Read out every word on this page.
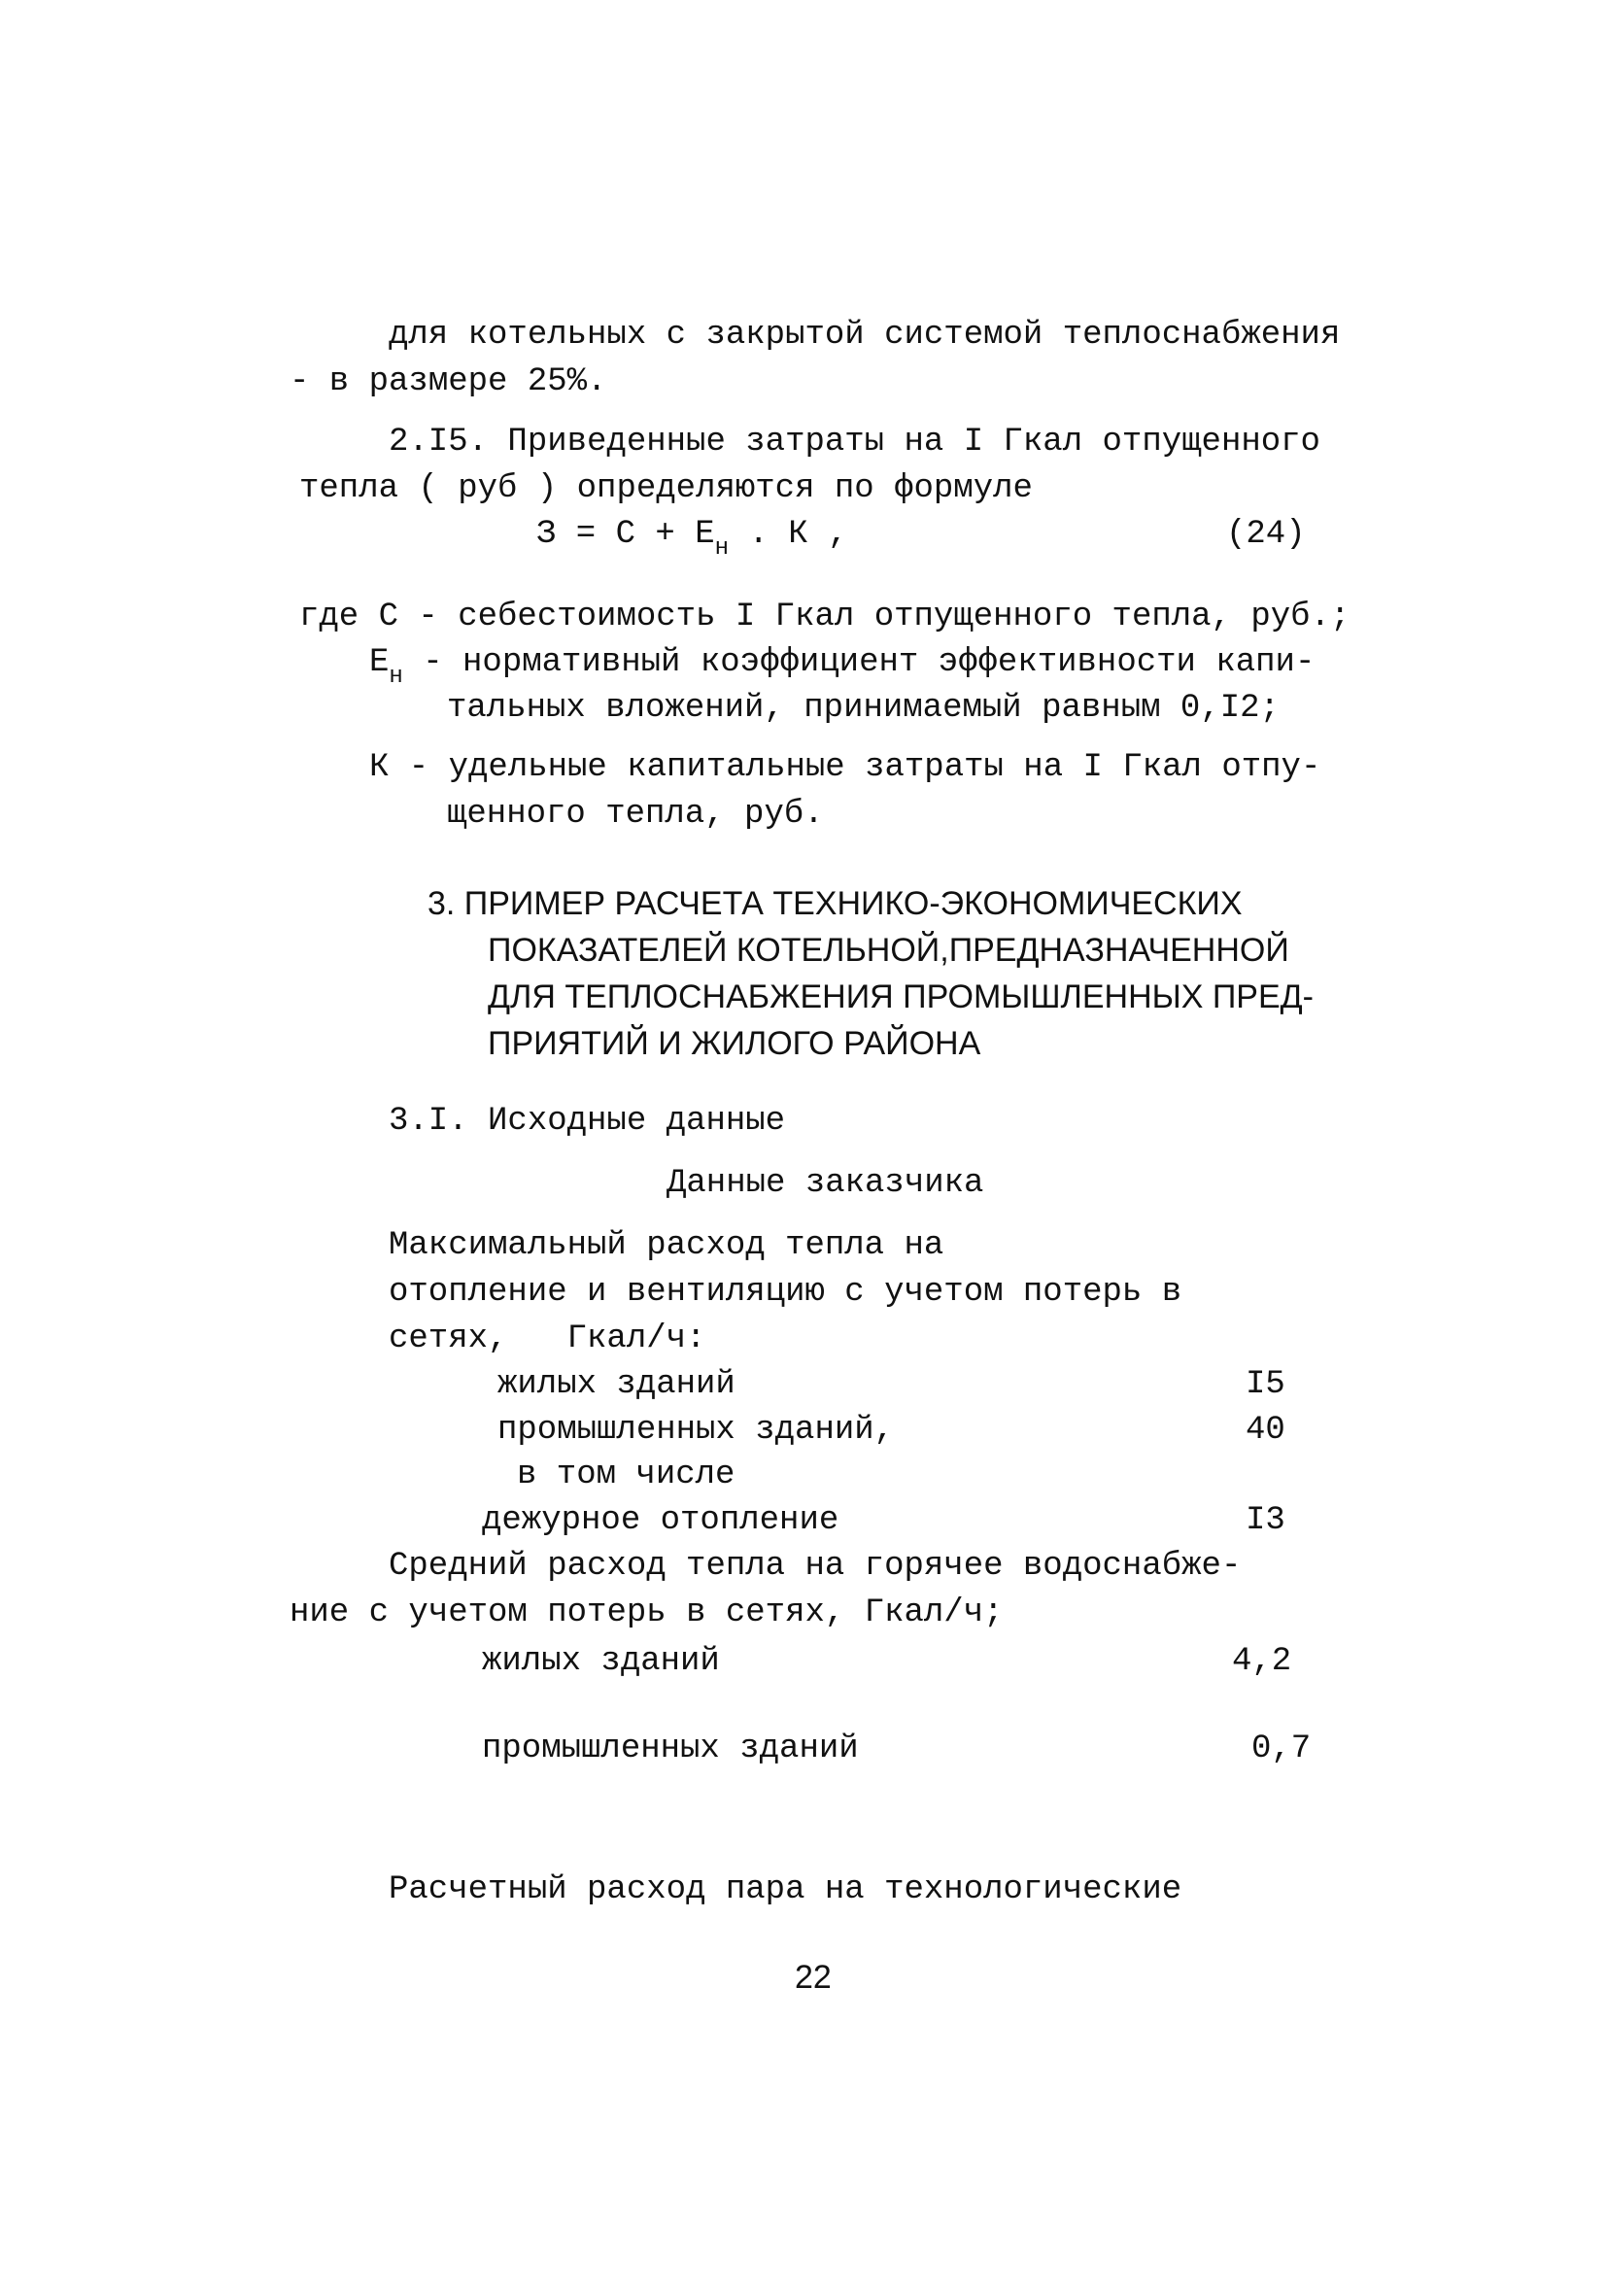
для котельных с закрытой системой теплоснабжения
- в размере 25%.
2.I5. Приведенные затраты на I Гкал отпущенного
тепла ( руб ) определяются по формуле
$З = С + Е_н$ . К ,	(24)
где С - себестоимость I Гкал отпущенного тепла, руб.;
$Е_н$ - нормативный коэффициент эффективности капи-
тальных вложений, принимаемый равным 0,I2;
К - удельные капитальные затраты на I Гкал отпу-
щенного тепла, руб.
3. ПРИМЕР РАСЧЕТА ТЕХНИКО-ЭКОНОМИЧЕСКИХ
ПОКАЗАТЕЛЕЙ КОТЕЛЬНОЙ,ПРЕДНАЗНАЧЕННОЙ
ДЛЯ ТЕПЛОСНАБЖЕНИЯ ПРОМЫШЛЕННЫХ ПРЕД-
ПРИЯТИЙ И ЖИЛОГО РАЙОНА
3.I. Исходные данные
Данные заказчика
Максимальный расход тепла на
отопление и вентиляцию с учетом потерь в
сетях,   Гкал/ч:
жилых зданий	I5
промышленных зданий,	40
в том числе
дежурное отопление	I3
Средний расход тепла на горячее водоснабже-
ние с учетом потерь в сетях, Гкал/ч;
жилых зданий	4,2
промышленных зданий	0,7
Расчетный расход пара на технологические
22
